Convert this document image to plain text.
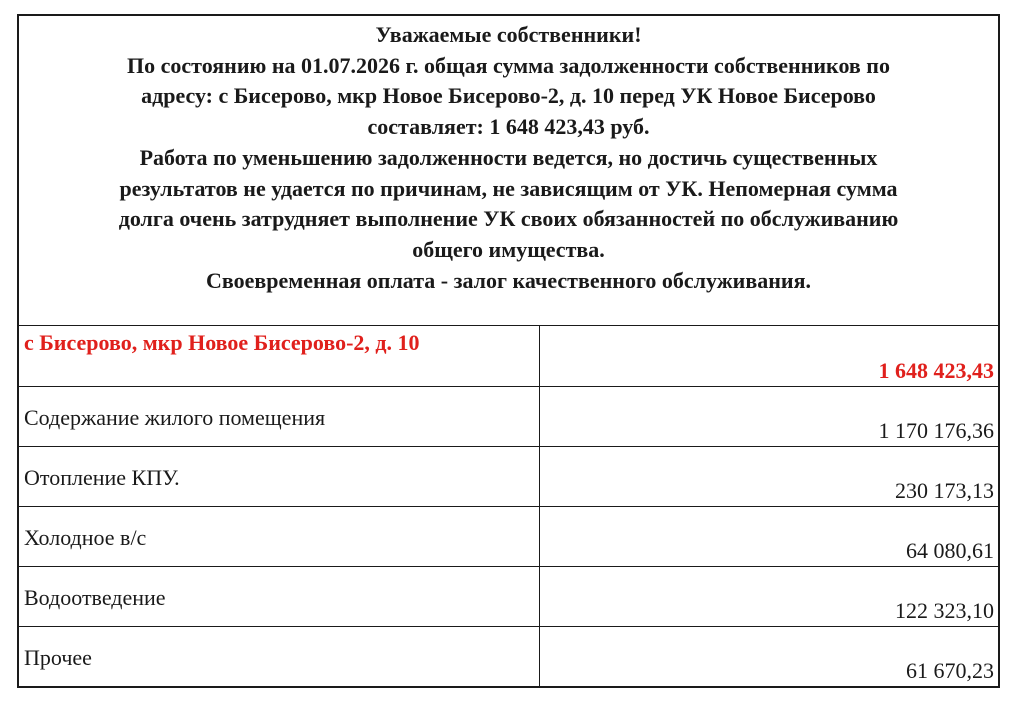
Уважаемые собственники!
По состоянию на 01.07.2026 г. общая сумма задолженности собственников по
адресу: с Бисерово, мкр Новое Бисерово-2, д. 10 перед УК Новое Бисерово
составляет: 1 648 423,43 руб.
Работа по уменьшению задолженности ведется, но достичь существенных
результатов не удается по причинам, не зависящим от УК. Непомерная сумма
долга очень затрудняет выполнение УК своих обязанностей по обслуживанию
общего имущества.
Своевременная оплата - залог качественного обслуживания.
с Бисерово, мкр Новое Бисерово-2, д. 10	1 648 423,43
Содержание жилого помещения	1 170 176,36
Отопление КПУ.	230 173,13
Холодное в/с	64 080,61
Водоотведение	122 323,10
Прочее	61 670,23
